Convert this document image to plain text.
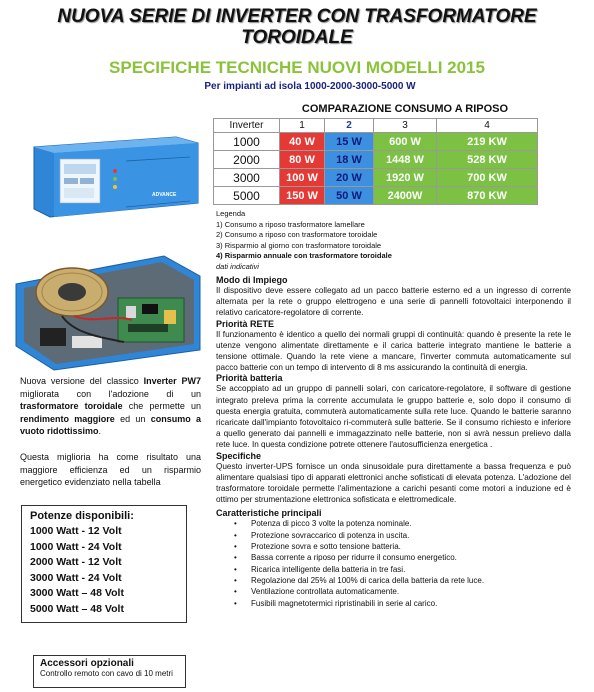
NUOVA SERIE DI INVERTER CON TRASFORMATORE TOROIDALE
SPECIFICHE TECNICHE NUOVI MODELLI 2015
Per impianti ad isola 1000-2000-3000-5000 W
ADVANCE
COMPARAZIONE CONSUMO A RIPOSO
Inverter	1	2	3	4
1000	40 W	15 W	600 W	219 KW
2000	80 W	18 W	1448 W	528 KW
3000	100 W	20 W	1920 W	700 KW
5000	150 W	50 W	2400W	870 KW
Legenda
1) Consumo a riposo trasformatore lamellare
2) Consumo a riposo con trasformatore toroidale
3) Risparmio al giorno con trasformatore toroidale
4) Risparmio annuale con trasformatore toroidale
dati indicativi
Nuova versione del classico Inverter PW7 migliorata con l'adozione di un trasformatore toroidale che permette un rendimento maggiore ed un consumo a vuoto ridottissimo.
Questa miglioria ha come risultato una maggiore efficienza ed un risparmio energetico evidenziato nella tabella
Potenze disponibili:
1000 Watt - 12 Volt
1000 Watt - 24 Volt
2000 Watt - 12 Volt
3000 Watt - 24 Volt
3000 Watt – 48 Volt
5000 Watt – 48 Volt
Accessori opzionali
Controllo remoto con cavo di 10 metri
Modo di Impiego
Il dispositivo deve essere collegato ad un pacco batterie esterno ed a un ingresso di corrente alternata per la rete o gruppo elettrogeno e una serie di pannelli fotovoltaici interponendo il relativo caricatore-regolatore di corrente.
Priorità RETE
Il funzionamento è identico a quello dei normali gruppi di continuità: quando è presente la rete le utenze vengono alimentate direttamente e il carica batterie integrato mantiene le batterie a tensione ottimale. Quando la rete viene a mancare, l'inverter commuta automaticamente sul pacco batterie con un tempo di intervento di 8 ms assicurando la continuità di energia.
Priorità batteria
Se accoppiato ad un gruppo di pannelli solari, con caricatore-regolatore, il software di gestione integrato preleva prima la corrente accumulata le gruppo batterie e, solo dopo il consumo di questa energia gratuita, commuterà automaticamente sulla rete luce. Quando le batterie saranno ricaricate dall'impianto fotovoltaico ri-commuterà sulle batterie. Se il consumo richiesto e inferiore a quello generato dai pannelli e immagazzinato nelle batterie, non si avrà nessun prelievo dalla rete luce. In questa condizione potrete ottenere l'autosufficienza energetica .
Specifiche
Questo inverter-UPS fornisce un onda sinusoidale pura direttamente a bassa frequenza e può alimentare qualsiasi tipo di apparati elettronici anche sofisticati di elevata potenza. L'adozione del trasformatore toroidale permette l'alimentazione a carichi pesanti come motori a induzione ed è ottimo per strumentazione elettronica sofisticata e elettromedicale.
Caratteristiche principali
• Potenza di picco 3 volte la potenza nominale.
• Protezione sovraccarico di potenza in uscita.
• Protezione sovra e sotto tensione batteria.
• Bassa corrente a riposo per ridurre il consumo energetico.
• Ricarica intelligente della batteria in tre fasi.
• Regolazione dal 25% al 100% di carica della batteria da rete luce.
• Ventilazione controllata automaticamente.
• Fusibili magnetotermici ripristinabili in serie al carico.
